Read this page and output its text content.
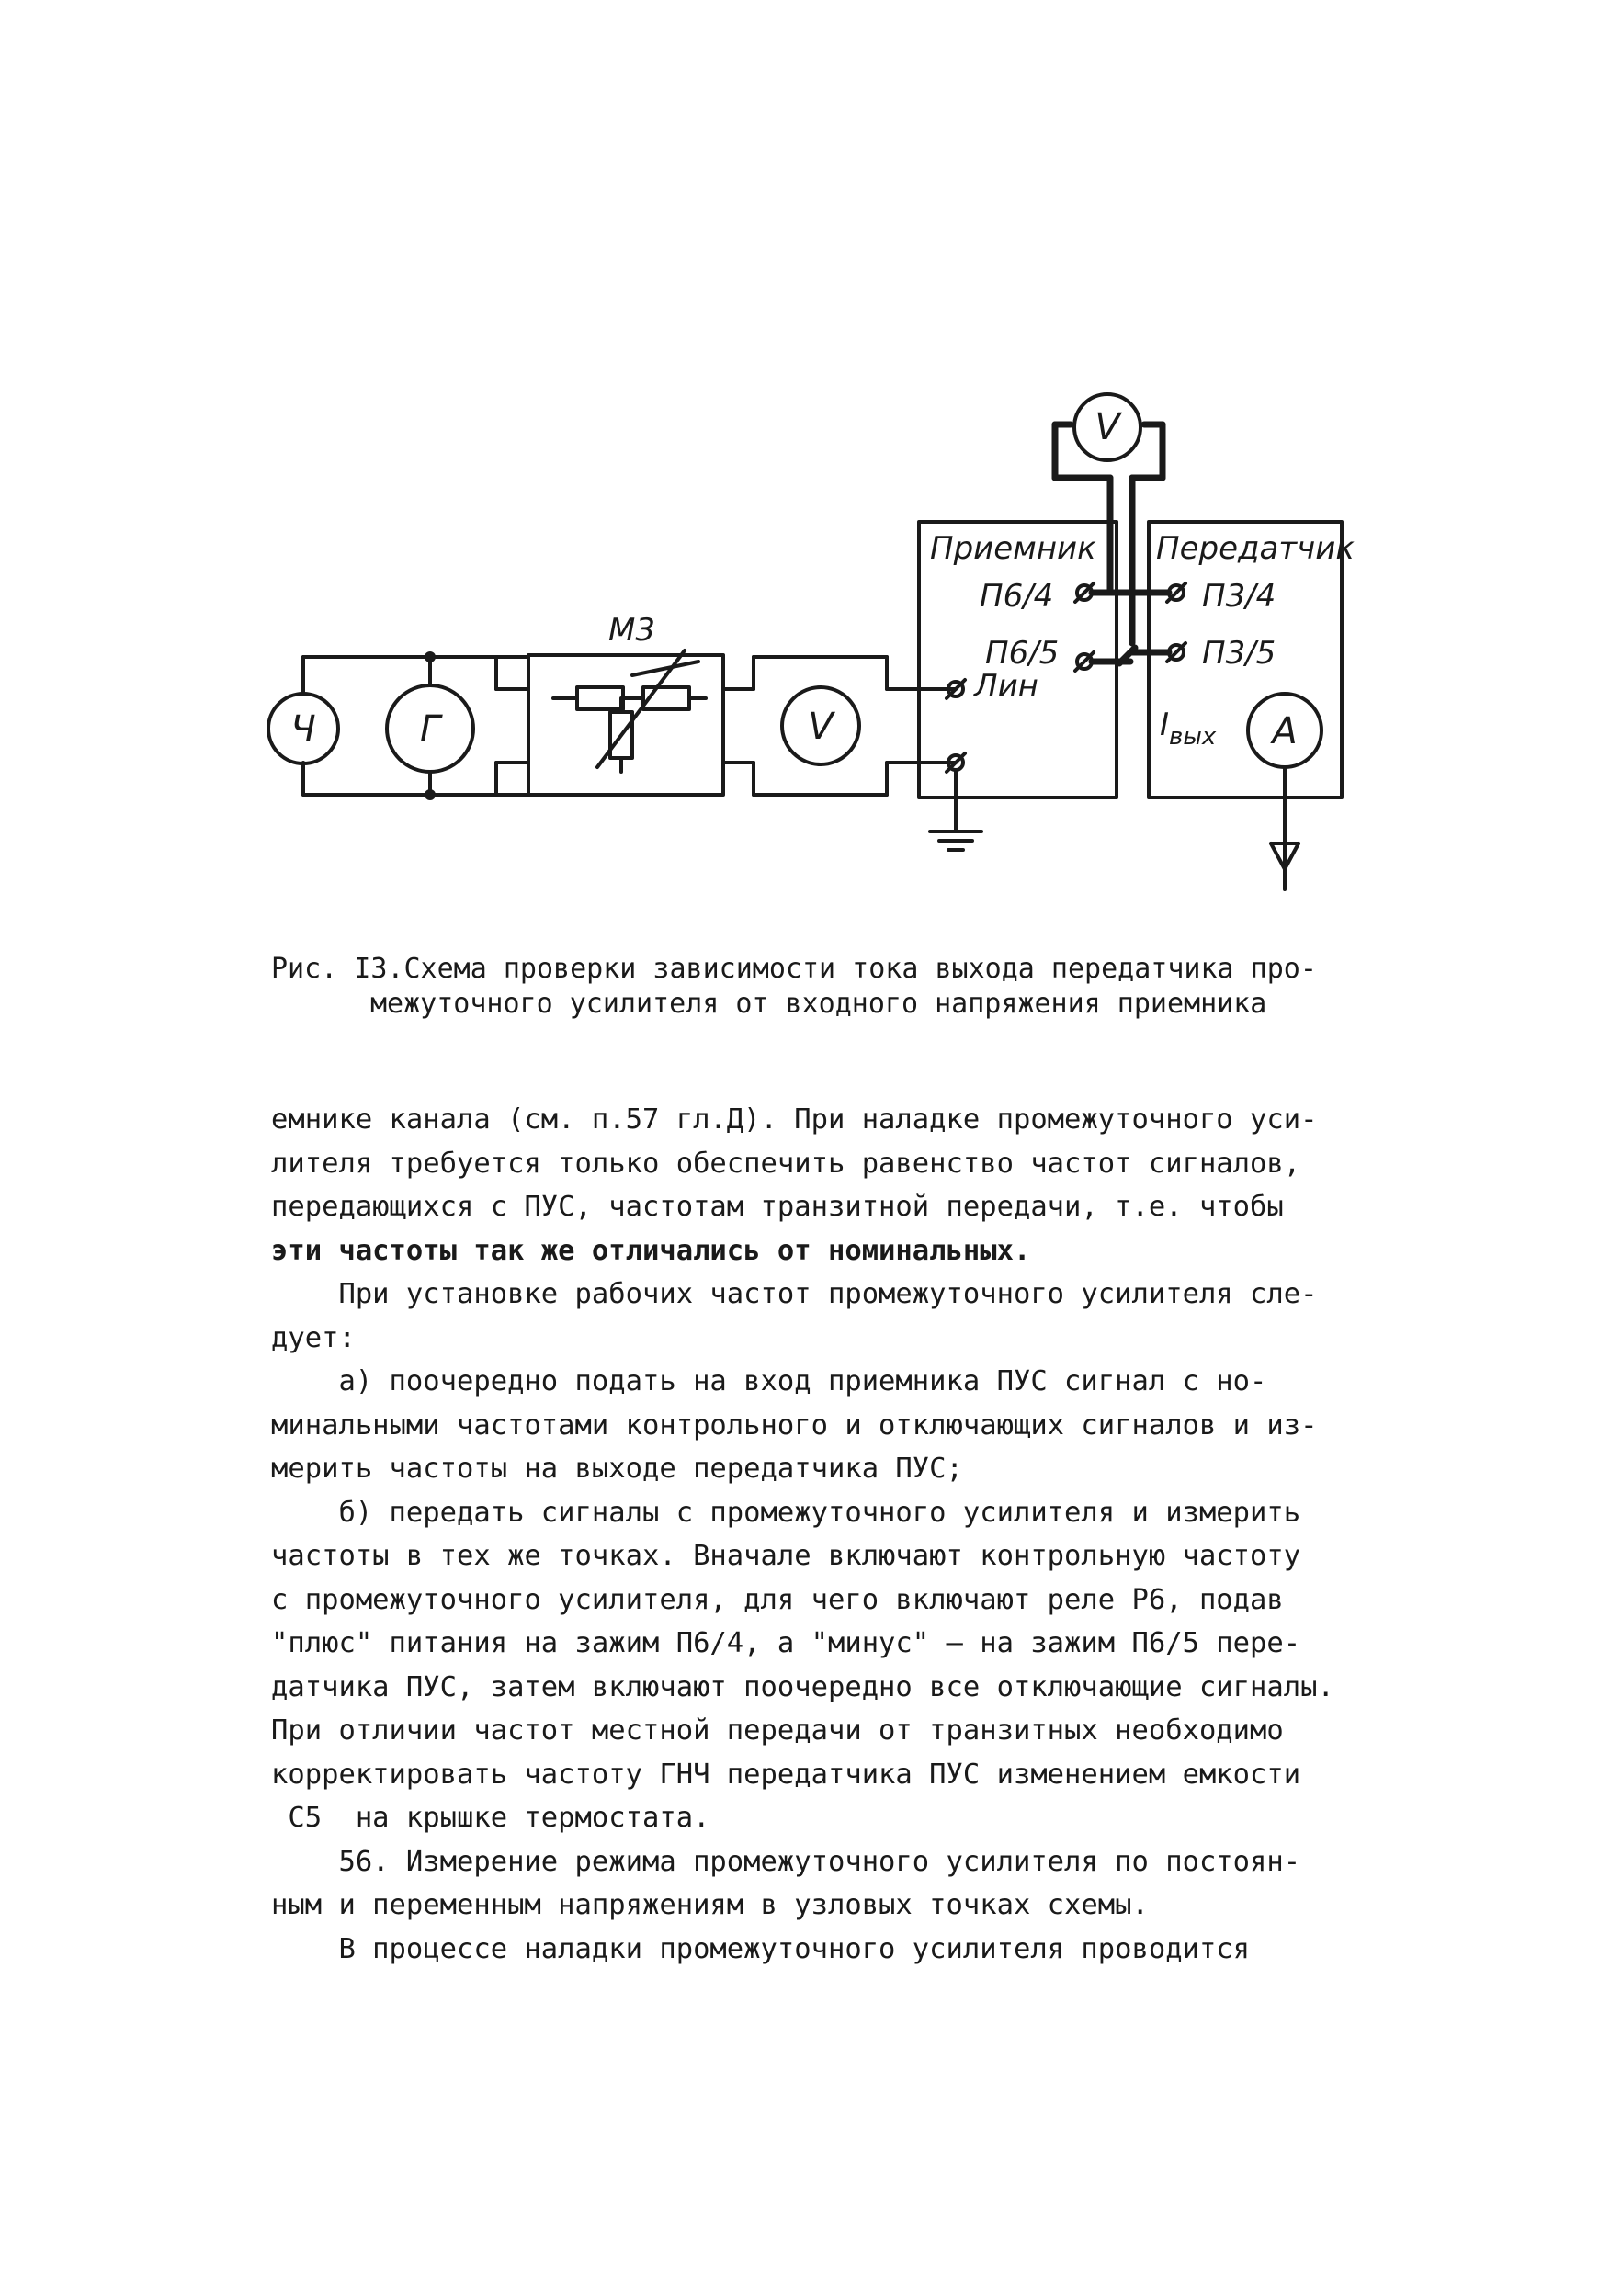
Ч	Г
М3
V
Приемник
П6/4
П6/5
Лин
Передатчик
П3/4
П3/5
$I_{вых}$ А
V

Рис. I3.Схема проверки зависимости тока выхода передатчика про-
межуточного усилителя от входного напряжения приемника

емнике канала (см. п.57 гл.Д). При наладке промежуточного уси-
лителя требуется только обеспечить равенство частот сигналов,
передающихся с ПУС, частотам транзитной передачи, т.е. чтобы
эти частоты так же отличались от номинальных.
При установке рабочих частот промежуточного усилителя сле-
дует:
а) поочередно подать на вход приемника ПУС сигнал с но-
минальными частотами контрольного и отключающих сигналов и из-
мерить частоты на выходе передатчика ПУС;
б) передать сигналы с промежуточного усилителя и измерить
частоты в тех же точках. Вначале включают контрольную частоту
с промежуточного усилителя, для чего включают реле Р6, подав
"плюс" питания на зажим П6/4, а "минус" – на зажим П6/5 пере-
датчика ПУС, затем включают поочередно все отключающие сигналы.
При отличии частот местной передачи от транзитных необходимо
корректировать частоту ГНЧ передатчика ПУС изменением емкости
С5  на крышке термостата.
56. Измерение режима промежуточного усилителя по постоян-
ным и переменным напряжениям в узловых точках схемы.
В процессе наладки промежуточного усилителя проводится
